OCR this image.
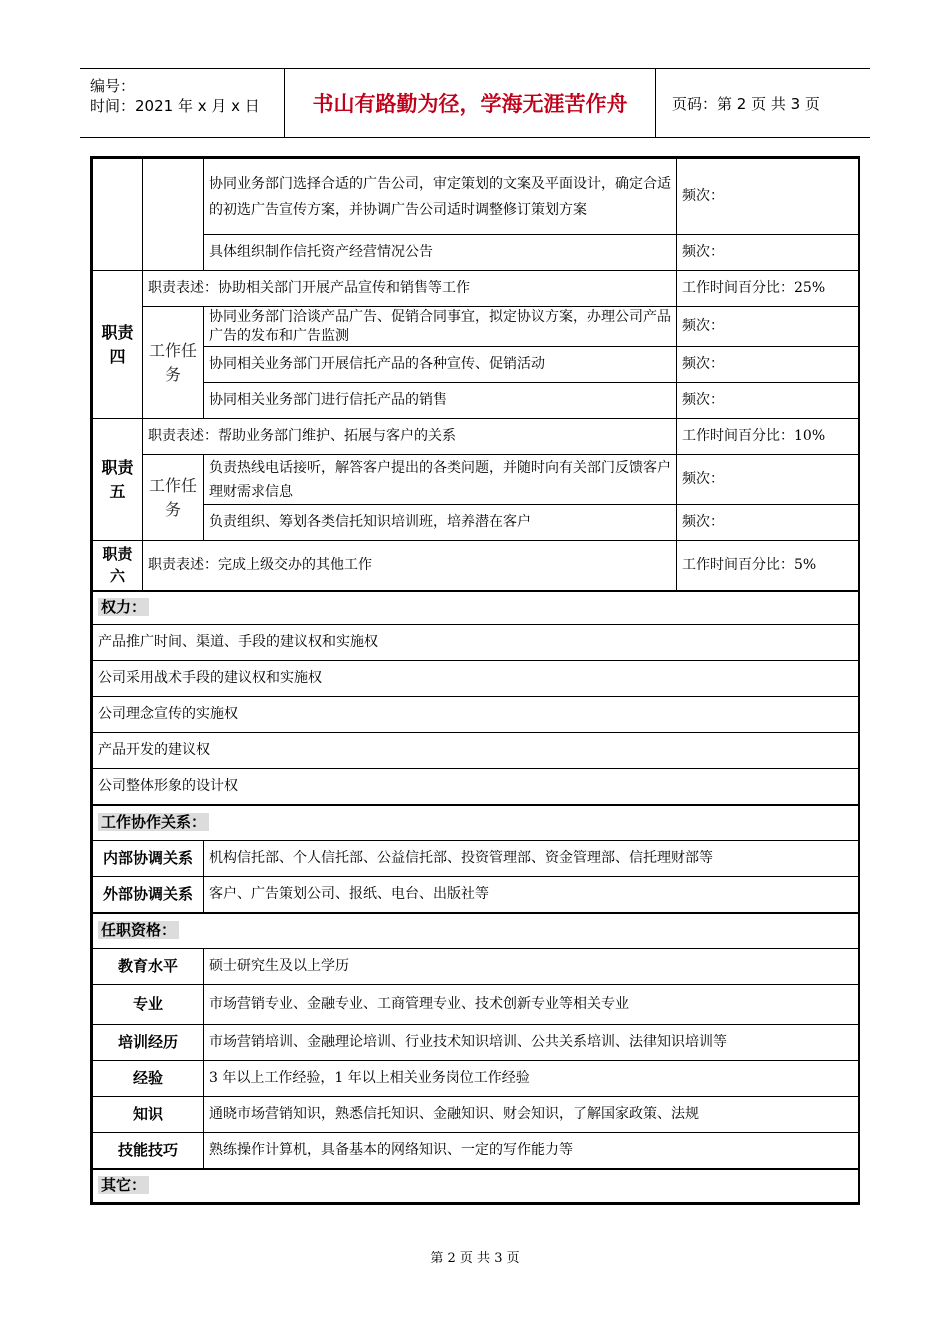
编号：
时间：2021 年 x 月 x 日	书山有路勤为径，学海无涯苦作舟	页码：第 2 页 共 3 页
		协同业务部门选择合适的广告公司，审定策划的文案及平面设计，确定合适的初选广告宣传方案，并协调广告公司适时调整修订策划方案	频次：
		具体组织制作信托资产经营情况公告	频次：
职责四	职责表述：协助相关部门开展产品宣传和销售等工作		工作时间百分比：25%
	工作任务	协同业务部门洽谈产品广告、促销合同事宜，拟定协议方案，办理公司产品广告的发布和广告监测	频次：
		协同相关业务部门开展信托产品的各种宣传、促销活动	频次：
		协同相关业务部门进行信托产品的销售	频次：
职责五	职责表述：帮助业务部门维护、拓展与客户的关系		工作时间百分比：10%
	工作任务	负责热线电话接听，解答客户提出的各类问题，并随时向有关部门反馈客户理财需求信息	频次：
		负责组织、筹划各类信托知识培训班，培养潜在客户	频次：
职责六	职责表述：完成上级交办的其他工作		工作时间百分比：5%
权力：			
产品推广时间、渠道、手段的建议权和实施权			
公司采用战术手段的建议权和实施权			
公司理念宣传的实施权			
产品开发的建议权			
公司整体形象的设计权			
工作协作关系：			
内部协调关系		机构信托部、个人信托部、公益信托部、投资管理部、资金管理部、信托理财部等	
外部协调关系		客户、广告策划公司、报纸、电台、出版社等	
任职资格：			
教育水平		硕士研究生及以上学历	
专业		市场营销专业、金融专业、工商管理专业、技术创新专业等相关专业	
培训经历		市场营销培训、金融理论培训、行业技术知识培训、公共关系培训、法律知识培训等	
经验		3 年以上工作经验，1 年以上相关业务岗位工作经验	
知识		通晓市场营销知识，熟悉信托知识、金融知识、财会知识，了解国家政策、法规	
技能技巧		熟练操作计算机，具备基本的网络知识、一定的写作能力等	
其它：			
第 2 页 共 3 页
